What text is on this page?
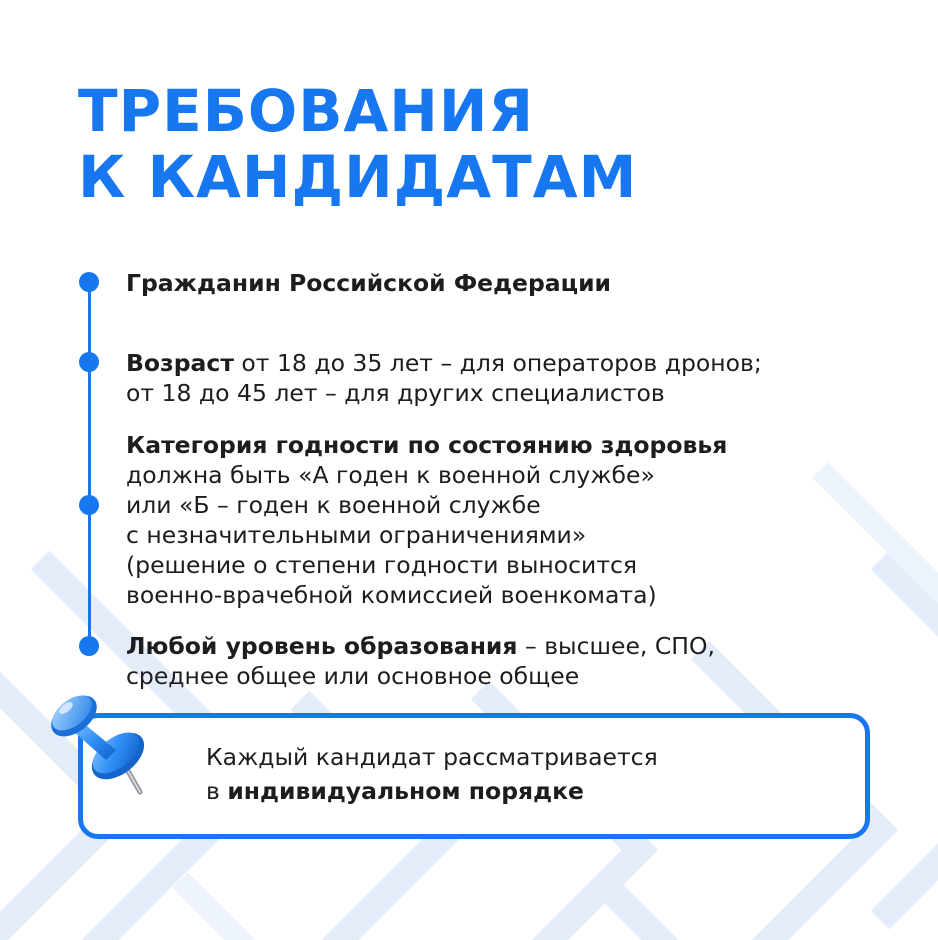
ТРЕБОВАНИЯ
К КАНДИДАТАМ

Гражданин Российской Федерации

Возраст от 18 до 35 лет – для операторов дронов;
от 18 до 45 лет – для других специалистов

Категория годности по состоянию здоровья
должна быть «А годен к военной службе»
или «Б – годен к военной службе
с незначительными ограничениями»
(решение о степени годности выносится
военно-врачебной комиссией военкомата)

Любой уровень образования – высшее, СПО,
среднее общее или основное общее

Каждый кандидат рассматривается
в индивидуальном порядке
